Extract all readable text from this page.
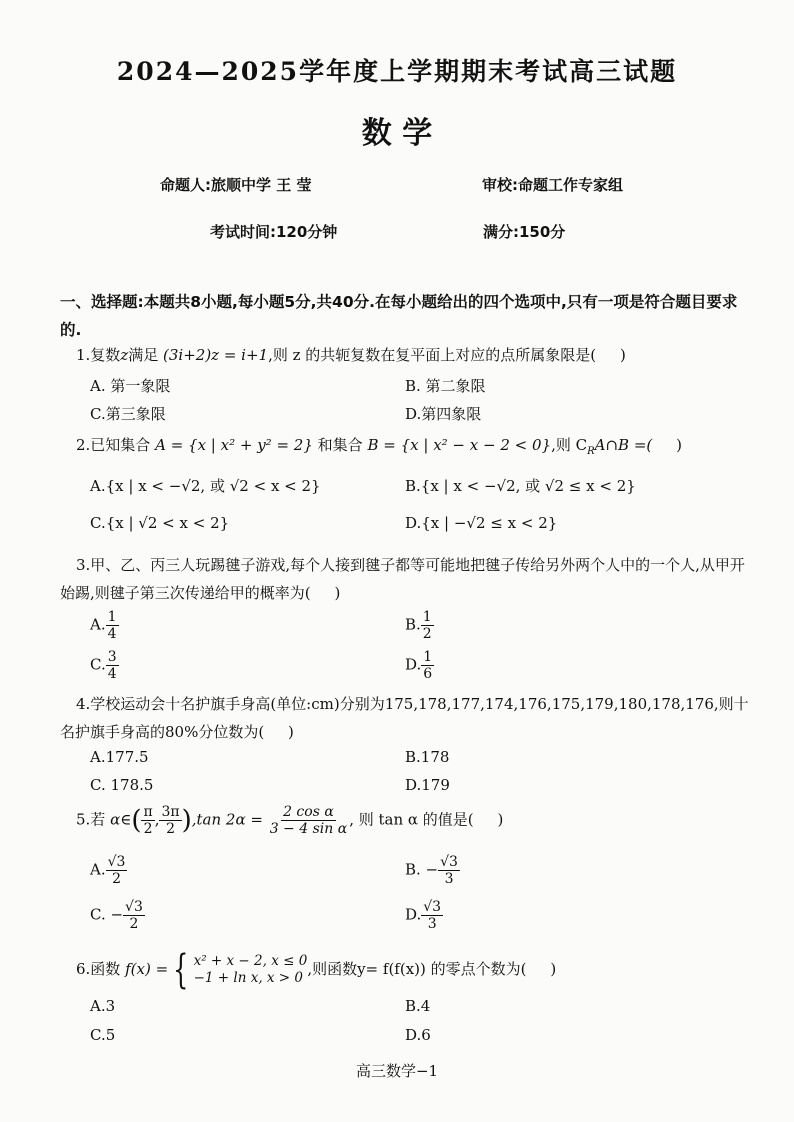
2024—2025学年度上学期期末考试高三试题
数 学
命题人:旅顺中学 王 莹	审校:命题工作专家组
考试时间:120分钟	满分:150分
一、选择题:本题共8小题,每小题5分,共40分.在每小题给出的四个选项中,只有一项是符合题目要求的.
1.复数z满足 (3i+2)z = i+1,则 z 的共轭复数在复平面上对应的点所属象限是( )
A. 第一象限	B. 第二象限
C.第三象限	D.第四象限
2.已知集合 A = {x | x² + y² = 2} 和集合 B = {x | x² − x − 2 < 0},则 $C_RA\cap B$ =( )
A.{x | x < −√2, 或 √2 < x < 2}	B.{x | x < −√2, 或 √2 ≤ x < 2}
C.{x | √2 < x < 2}	D.{x | −√2 ≤ x < 2}
3.甲、乙、丙三人玩踢毽子游戏,每个人接到毽子都等可能地把毽子传给另外两个人中的一个人,从甲开始踢,则毽子第三次传递给甲的概率为( )
A. $\frac{1}{4}$	B. $\frac{1}{2}$
C. $\frac{3}{4}$	D. $\frac{1}{6}$
4.学校运动会十名护旗手身高(单位:cm)分别为175,178,177,174,176,175,179,180,178,176,则十名护旗手身高的80%分位数为( )
A.177.5	B.178
C. 178.5	D.179
5.若 α∈( $\frac{\pi}{2}$ , $\frac{3\pi}{2} ),\tan$ $2\alpha = \frac{\text{2 cos α}}{\text{3 − 4 sin α}}$ , 则 tan α 的值是( )
A. $\frac{√3}{2}$	B. − $\frac{√3}{3}$
C. − $\frac{√3}{2}$	D. $\frac{√3}{3}$
6.函数 f(x) = { x² + x − 2, x ≤ 0
−1 + ln x, x > 0 ,则函数y= f(f(x)) 的零点个数为( )
A.3	B.4
C.5	D.6
高三数学−1
